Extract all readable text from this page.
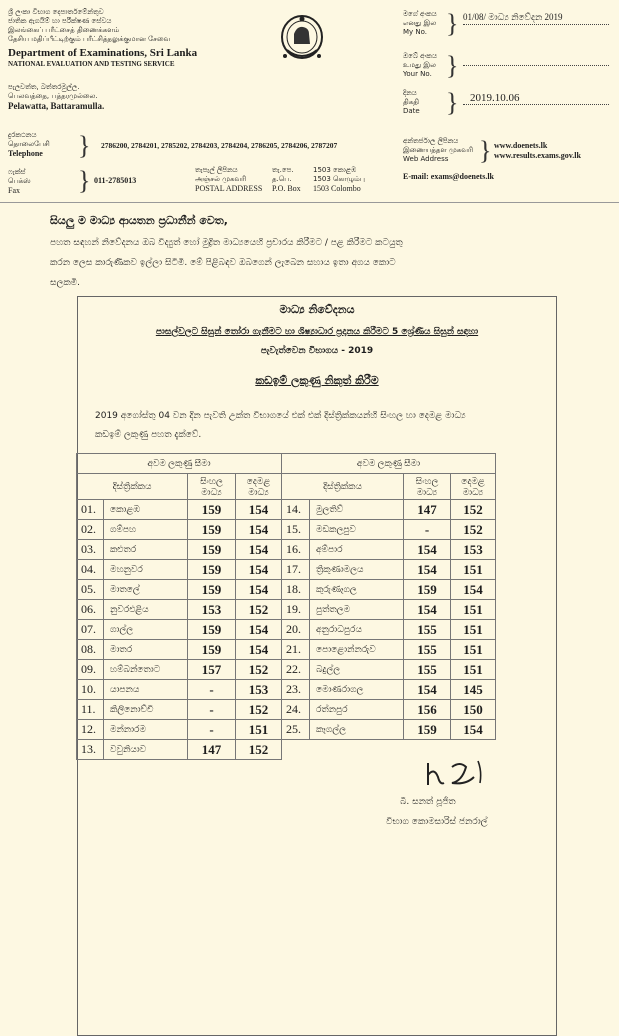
ශ්‍රී ලංකා විභාග දෙපාර්තමේන්තුව
ජාතික ඇගයීම් හා පරීක්ෂණ සේවය
இலங்கைப் பரீட்சைத் திணைக்களம்
தேசிய மதிப்பீட்டிற்கும் பரீட்சித்தலுக்குமான சேவை
Department of Examinations, Sri Lanka
NATIONAL EVALUATION AND TESTING SERVICE
පැලවත්ත, බත්තරමුල්ල.
பெலவத்தை, பத்தரமுல்லை.
Pelawatta, Battaramulla.
මගේ අංකය
எனது இல
My No. } 01/08/ මාධ්‍ය නිවේදන 2019
ඔබේ අංකය
உமது இல
Your No. }
දිනය
திகதி
Date } 2019.10.06
අන්තර්ජාල ලිපිනය
இணையத்தள முகவரி
Web Address } www.doenets.lk
www.results.exams.gov.lk
E-mail: exams@doenets.lk
දුරකථනය
தொலைபேசி
Telephone } 2786200, 2784201, 2785202, 2784203, 2784204, 2786205, 2784206, 2787207
ෆැක්ස්
பெக்ஸ்
Fax } 011-2785013
තැපැල් ලිපිනය
அஞ்சல் முகவரி
POSTAL ADDRESS
තැ.පෙ.
த.பெ.
P.O. Box
1503 කොළඹ
1503 கொழும்பு
1503 Colombo
සියලු ම මාධ්‍ය ආයතන ප්‍රධානීන් වෙත,
පහත සඳහන් නිවේදනය ඔබ විද්‍යුත් හෝ මුද්‍රිත මාධ්‍යයෙහි ප්‍රචාරය කිරීමට / පළ කිරීමට කටයුතු
කරන ලෙස කාරුණිකව ඉල්ලා සිටිමි. මේ පිළිබඳව ඔබගෙන් ලැබෙන සහාය ඉතා අගය කොට
සලකමි.
මාධ්‍ය නිවේදනය
පාසල්වලට සිසුන් තෝරා ගැනීමට හා ශිෂ්‍යාධාර ප්‍රදානය කිරීමට 5 ශ්‍රේණිය සිසුන් සඳහා
පැවැත්වෙන විභාගය - 2019
කඩඉම් ලකුණු නිකුත් කිරීම
2019 අගෝස්තු 04 වන දින පැවති උක්ත විභාගයේ එක් එක් දිස්ත්‍රික්කයන්හි සිංහල හා දෙමළ මාධ්‍ය
කඩඉම් ලකුණු පහත දැක්වේ.
අවම ලකුණු සීමා				අවම ලකුණු සීමා			
දිස්ත්‍රික්කය		සිංහල
මාධ්‍ය	දෙමළ
මාධ්‍ය	දිස්ත්‍රික්කය		සිංහල
මාධ්‍ය	දෙමළ
මාධ්‍ය
01.	කොළඹ	159	154	14.	මුලතිව්	147	152
02.	ගම්පහ	159	154	15.	මඩකලපුව	-	152
03.	කළුතර	159	154	16.	අම්පාර	154	153
04.	මහනුවර	159	154	17.	ත්‍රිකුණාමලය	154	151
05.	මාතලේ	159	154	18.	කුරුණෑගල	159	154
06.	නුවරඑළිය	153	152	19.	පුත්තලම	154	151
07.	ගාල්ල	159	154	20.	අනුරාධපුරය	155	151
08.	මාතර	159	154	21.	පොළොන්නරුව	155	151
09.	හම්බන්තොට	157	152	22.	බදුල්ල	155	151
10.	යාපනය	-	153	23.	මොණරාගල	154	145
11.	කිලිනොච්චි	-	152	24.	රත්නපුර	156	150
12.	මන්නාරම	-	151	25.	කෑගල්ල	159	154
13.	වවුනියාව	147	152				
බී. සනත් පූජිත
විභාග කොමසාරිස් ජනරාල්
